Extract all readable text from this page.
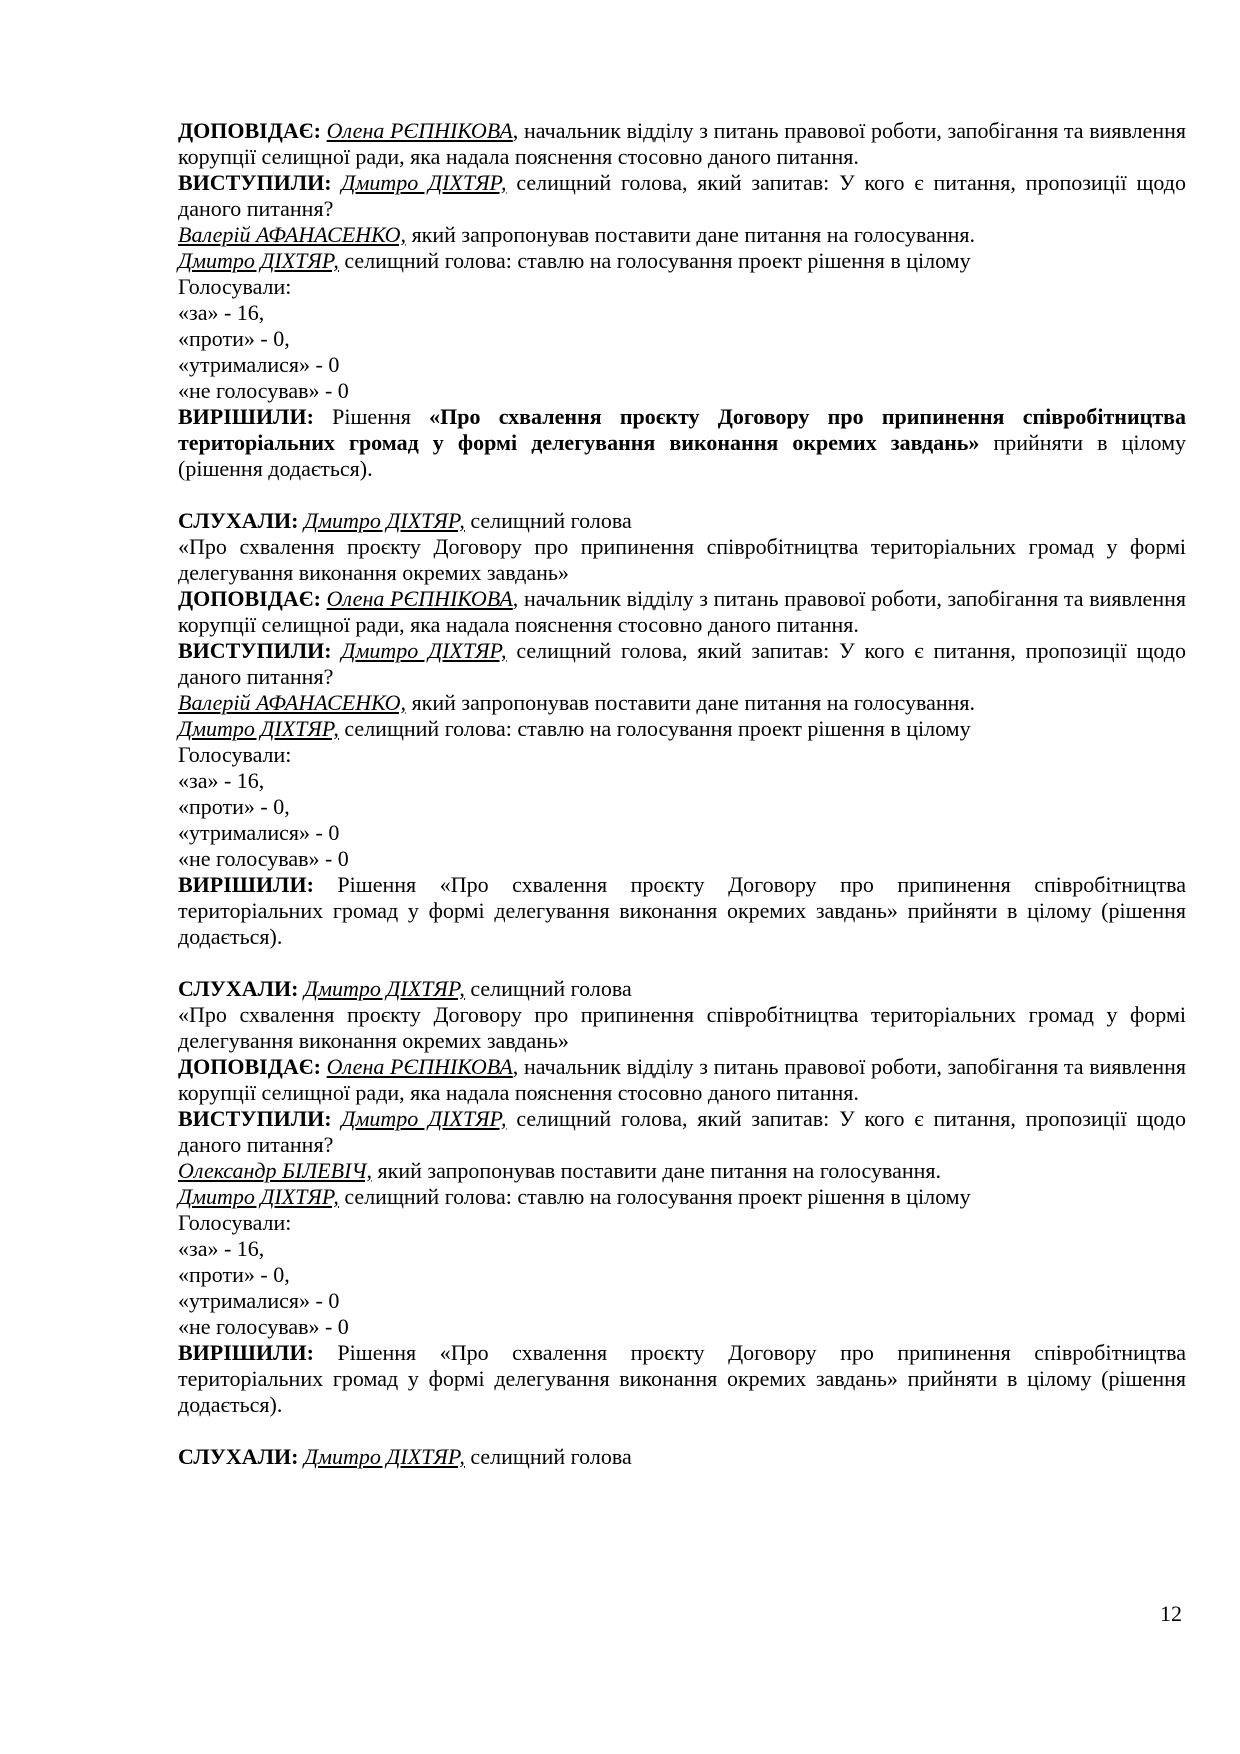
ДОПОВІДАЄ: Олена РЄПНІКОВА, начальник відділу з питань правової роботи, запобігання та виявлення корупції селищної ради, яка надала пояснення стосовно даного питання.

ВИСТУПИЛИ: Дмитро ДІХТЯР, селищний голова, який запитав: У кого є питання, пропозиції щодо даного питання?

Валерій АФАНАСЕНКО, який запропонував поставити дане питання на голосування.

Дмитро ДІХТЯР, селищний голова: ставлю на голосування проект рішення в цілому

Голосували:

«за» - 16,

«проти» - 0,

«утрималися» - 0

«не голосував» - 0

ВИРІШИЛИ: Рішення «Про схвалення проєкту Договору про припинення співробітництва територіальних громад у формі делегування виконання окремих завдань» прийняти в цілому (рішення додається).

СЛУХАЛИ: Дмитро ДІХТЯР, селищний голова

«Про схвалення проєкту Договору про припинення співробітництва територіальних громад у формі делегування виконання окремих завдань»

ДОПОВІДАЄ: Олена РЄПНІКОВА, начальник відділу з питань правової роботи, запобігання та виявлення корупції селищної ради, яка надала пояснення стосовно даного питання.

ВИСТУПИЛИ: Дмитро ДІХТЯР, селищний голова, який запитав: У кого є питання, пропозиції щодо даного питання?

Валерій АФАНАСЕНКО, який запропонував поставити дане питання на голосування.

Дмитро ДІХТЯР, селищний голова: ставлю на голосування проект рішення в цілому

Голосували:

«за» - 16,

«проти» - 0,

«утрималися» - 0

«не голосував» - 0

ВИРІШИЛИ: Рішення «Про схвалення проєкту Договору про припинення співробітництва територіальних громад у формі делегування виконання окремих завдань» прийняти в цілому (рішення додається).

СЛУХАЛИ: Дмитро ДІХТЯР, селищний голова

«Про схвалення проєкту Договору про припинення співробітництва територіальних громад у формі делегування виконання окремих завдань»

ДОПОВІДАЄ: Олена РЄПНІКОВА, начальник відділу з питань правової роботи, запобігання та виявлення корупції селищної ради, яка надала пояснення стосовно даного питання.

ВИСТУПИЛИ: Дмитро ДІХТЯР, селищний голова, який запитав: У кого є питання, пропозиції щодо даного питання?

Олександр БІЛЕВІЧ, який запропонував поставити дане питання на голосування.

Дмитро ДІХТЯР, селищний голова: ставлю на голосування проект рішення в цілому

Голосували:

«за» - 16,

«проти» - 0,

«утрималися» - 0

«не голосував» - 0

ВИРІШИЛИ: Рішення «Про схвалення проєкту Договору про припинення співробітництва територіальних громад у формі делегування виконання окремих завдань» прийняти в цілому (рішення додається).

СЛУХАЛИ: Дмитро ДІХТЯР, селищний голова

12
